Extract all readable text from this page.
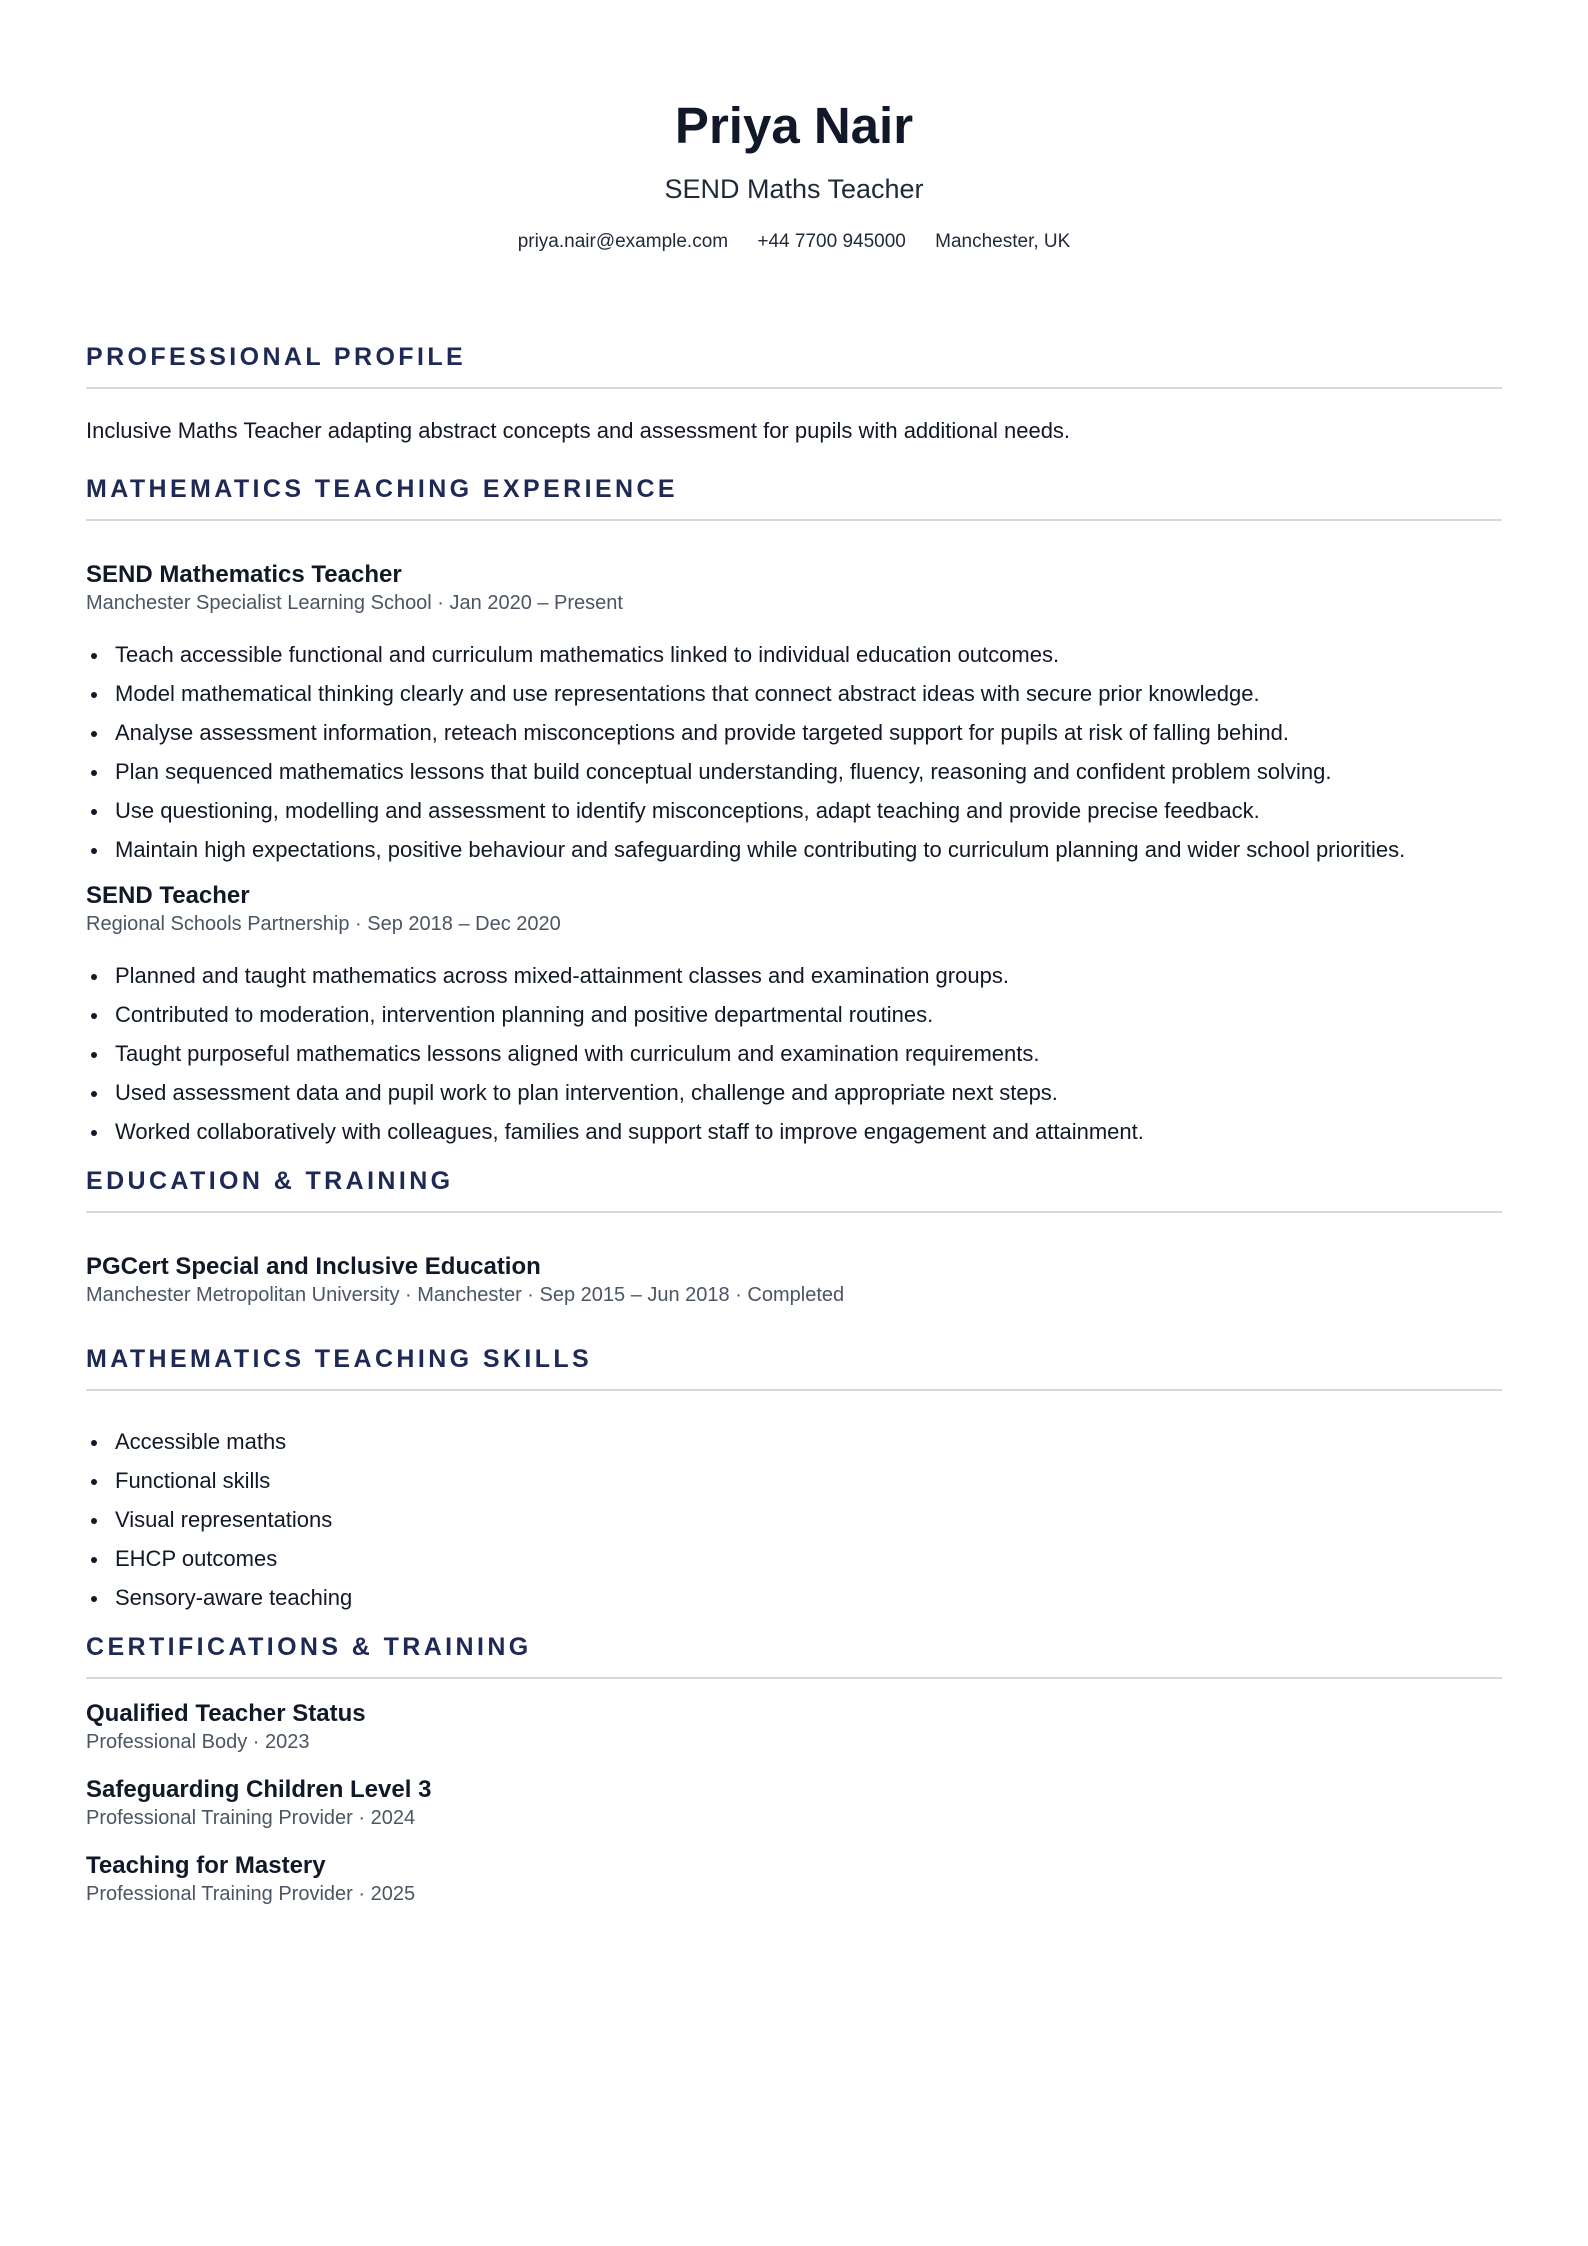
Priya Nair
SEND Maths Teacher
priya.nair@example.com +44 7700 945000 Manchester, UK
PROFESSIONAL PROFILE
Inclusive Maths Teacher adapting abstract concepts and assessment for pupils with additional needs.
MATHEMATICS TEACHING EXPERIENCE
SEND Mathematics Teacher
Manchester Specialist Learning School · Jan 2020 – Present
Teach accessible functional and curriculum mathematics linked to individual education outcomes.
Model mathematical thinking clearly and use representations that connect abstract ideas with secure prior knowledge.
Analyse assessment information, reteach misconceptions and provide targeted support for pupils at risk of falling behind.
Plan sequenced mathematics lessons that build conceptual understanding, fluency, reasoning and confident problem solving.
Use questioning, modelling and assessment to identify misconceptions, adapt teaching and provide precise feedback.
Maintain high expectations, positive behaviour and safeguarding while contributing to curriculum planning and wider school priorities.
SEND Teacher
Regional Schools Partnership · Sep 2018 – Dec 2020
Planned and taught mathematics across mixed-attainment classes and examination groups.
Contributed to moderation, intervention planning and positive departmental routines.
Taught purposeful mathematics lessons aligned with curriculum and examination requirements.
Used assessment data and pupil work to plan intervention, challenge and appropriate next steps.
Worked collaboratively with colleagues, families and support staff to improve engagement and attainment.
EDUCATION & TRAINING
PGCert Special and Inclusive Education
Manchester Metropolitan University · Manchester · Sep 2015 – Jun 2018 · Completed
MATHEMATICS TEACHING SKILLS
Accessible maths
Functional skills
Visual representations
EHCP outcomes
Sensory-aware teaching
CERTIFICATIONS & TRAINING
Qualified Teacher Status
Professional Body · 2023
Safeguarding Children Level 3
Professional Training Provider · 2024
Teaching for Mastery
Professional Training Provider · 2025
